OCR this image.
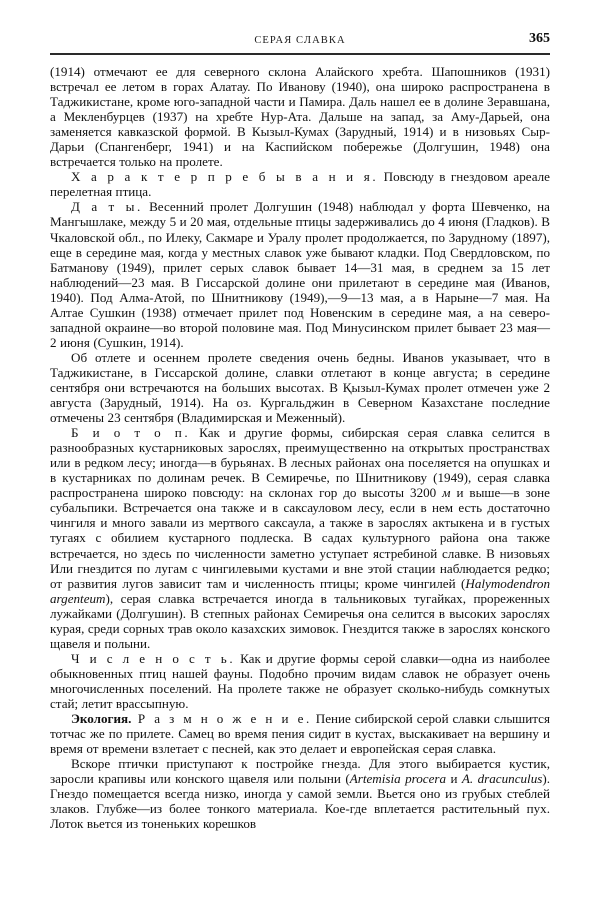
СЕРАЯ СЛАВКА	365

(1914) отмечают ее для северного склона Алайского хребта. Шапошников (1931) встречал ее летом в горах Алатау. По Иванову (1940), она широко распространена в Таджикистане, кроме юго-западной части и Памира. Даль нашел ее в долине Зеравшана, а Мекленбурцев (1937) на хребте Нур-Ата. Дальше на запад, за Аму-Дарьей, она заменяется кавказской формой. В Кызыл-Кумах (Зарудный, 1914) и в низовьях Сыр-Дарьи (Спангенберг, 1941) и на Каспийском побережье (Долгушин, 1948) она встречается только на пролете.

Х а р а к т е р п р е б ы в а н и я. Повсюду в гнездовом ареале перелетная птица.

Д а т ы. Весенний пролет Долгушин (1948) наблюдал у форта Шевченко, на Мангышлаке, между 5 и 20 мая, отдельные птицы задерживались до 4 июня (Гладков). В Чкаловской обл., по Илеку, Сакмаре и Уралу пролет продолжается, по Зарудному (1897), еще в середине мая, когда у местных славок уже бывают кладки. Под Свердловском, по Батманову (1949), прилет серых славок бывает 14—31 мая, в среднем за 15 лет наблюдений—23 мая. В Гиссарской долине они прилетают в середине мая (Иванов, 1940). Под Алма-Атой, по Шнитникову (1949),—9—13 мая, а в Нарыне—7 мая. На Алтае Сушкин (1938) отмечает прилет под Новенским в середине мая, а на северо-западной окраине—во второй половине мая. Под Минусинском прилет бывает 23 мая—2 июня (Сушкин, 1914).

Об отлете и осеннем пролете сведения очень бедны. Иванов указывает, что в Таджикистане, в Гиссарской долине, славки отлетают в конце августа; в середине сентября они встречаются на больших высотах. В Қызыл-Кумах пролет отмечен уже 2 августа (Зарудный, 1914). На оз. Кургальджин в Северном Казахстане последние отмечены 23 сентября (Владимирская и Меженный).

Б и о т о п. Как и другие формы, сибирская серая славка селится в разнообразных кустарниковых зарослях, преимущественно на открытых пространствах или в редком лесу; иногда—в бурьянах. В лесных районах она поселяется на опушках и в кустарниках по долинам речек. В Семиречье, по Шнитникову (1949), серая славка распространена широко повсюду: на склонах гор до высоты 3200 м и выше—в зоне субальпики. Встречается она также и в саксауловом лесу, если в нем есть достаточно чингиля и много завали из мертвого саксаула, а также в зарослях актыкена и в густых тугаях с обилием кустарного подлеска. В садах культурного района она также встречается, но здесь по численности заметно уступает ястребиной славке. В низовьях Или гнездится по лугам с чингилевыми кустами и вне этой стации наблюдается редко; от развития лугов зависит там и численность птицы; кроме чингилей (Halymodendron argenteum), серая славка встречается иногда в тальниковых тугайках, прореженных лужайками (Долгушин). В степных районах Семиречья она селится в высоких зарослях курая, среди сорных трав около казахских зимовок. Гнездится также в зарослях конского щавеля и полыни.

Ч и с л е н о с т ь. Как и другие формы серой славки—одна из наиболее обыкновенных птиц нашей фауны. Подобно прочим видам славок не образует очень многочисленных поселений. На пролете также не образует сколько-нибудь сомкнутых стай; летит врассыпную.

Экология. Р а з м н о ж е н и е. Пение сибирской серой славки слышится тотчас же по прилете. Самец во время пения сидит в кустах, выскакивает на вершину и время от времени взлетает с песней, как это делает и европейская серая славка.

Вскоре птички приступают к постройке гнезда. Для этого выбирается кустик, заросли крапивы или конского щавеля или полыни (Artemisia procera и A. dracunculus). Гнездо помещается всегда низко, иногда у самой земли. Вьется оно из грубых стеблей злаков. Глубже—из более тонкого материала. Кое-где вплетается растительный пух. Лоток вьется из тоненьких корешков
